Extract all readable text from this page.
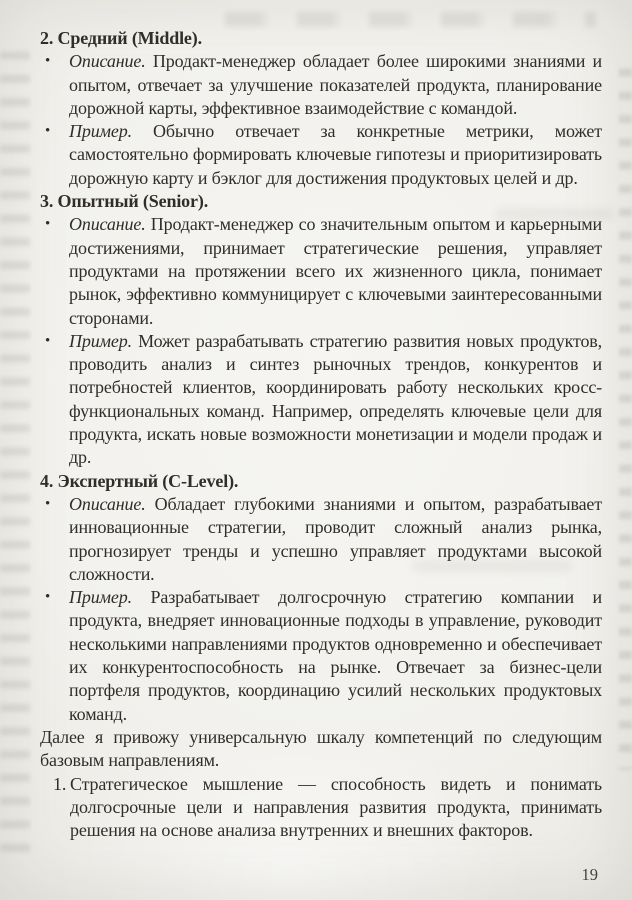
2. Средний (Middle).
•	Описание. Продакт-менеджер обладает более широкими знаниями и опытом, отвечает за улучшение показателей продукта, планирование дорожной карты, эффективное взаимодействие с командой.
•	Пример. Обычно отвечает за конкретные метрики, может самостоятельно формировать ключевые гипотезы и приоритизировать дорожную карту и бэклог для достижения продуктовых целей и др.
3. Опытный (Senior).
•	Описание. Продакт-менеджер со значительным опытом и карьерными достижениями, принимает стратегические решения, управляет продуктами на протяжении всего их жизненного цикла, понимает рынок, эффективно коммуницирует с ключевыми заинтересованными сторонами.
•	Пример. Может разрабатывать стратегию развития новых продуктов, проводить анализ и синтез рыночных трендов, конкурентов и потребностей клиентов, координировать работу нескольких кросс-функциональных команд. Например, определять ключевые цели для продукта, искать новые возможности монетизации и модели продаж и др.
4. Экспертный (C-Level).
•	Описание. Обладает глубокими знаниями и опытом, разрабатывает инновационные стратегии, проводит сложный анализ рынка, прогнозирует тренды и успешно управляет продуктами высокой сложности.
•	Пример. Разрабатывает долгосрочную стратегию компании и продукта, внедряет инновационные подходы в управление, руководит несколькими направлениями продуктов одновременно и обеспечивает их конкурентоспособность на рынке. Отвечает за бизнес-цели портфеля продуктов, координацию усилий нескольких продуктовых команд.
Далее я привожу универсальную шкалу компетенций по следующим базовым направлениям.
1. Стратегическое мышление — способность видеть и понимать долгосрочные цели и направления развития продукта, принимать решения на основе анализа внутренних и внешних факторов.
19
